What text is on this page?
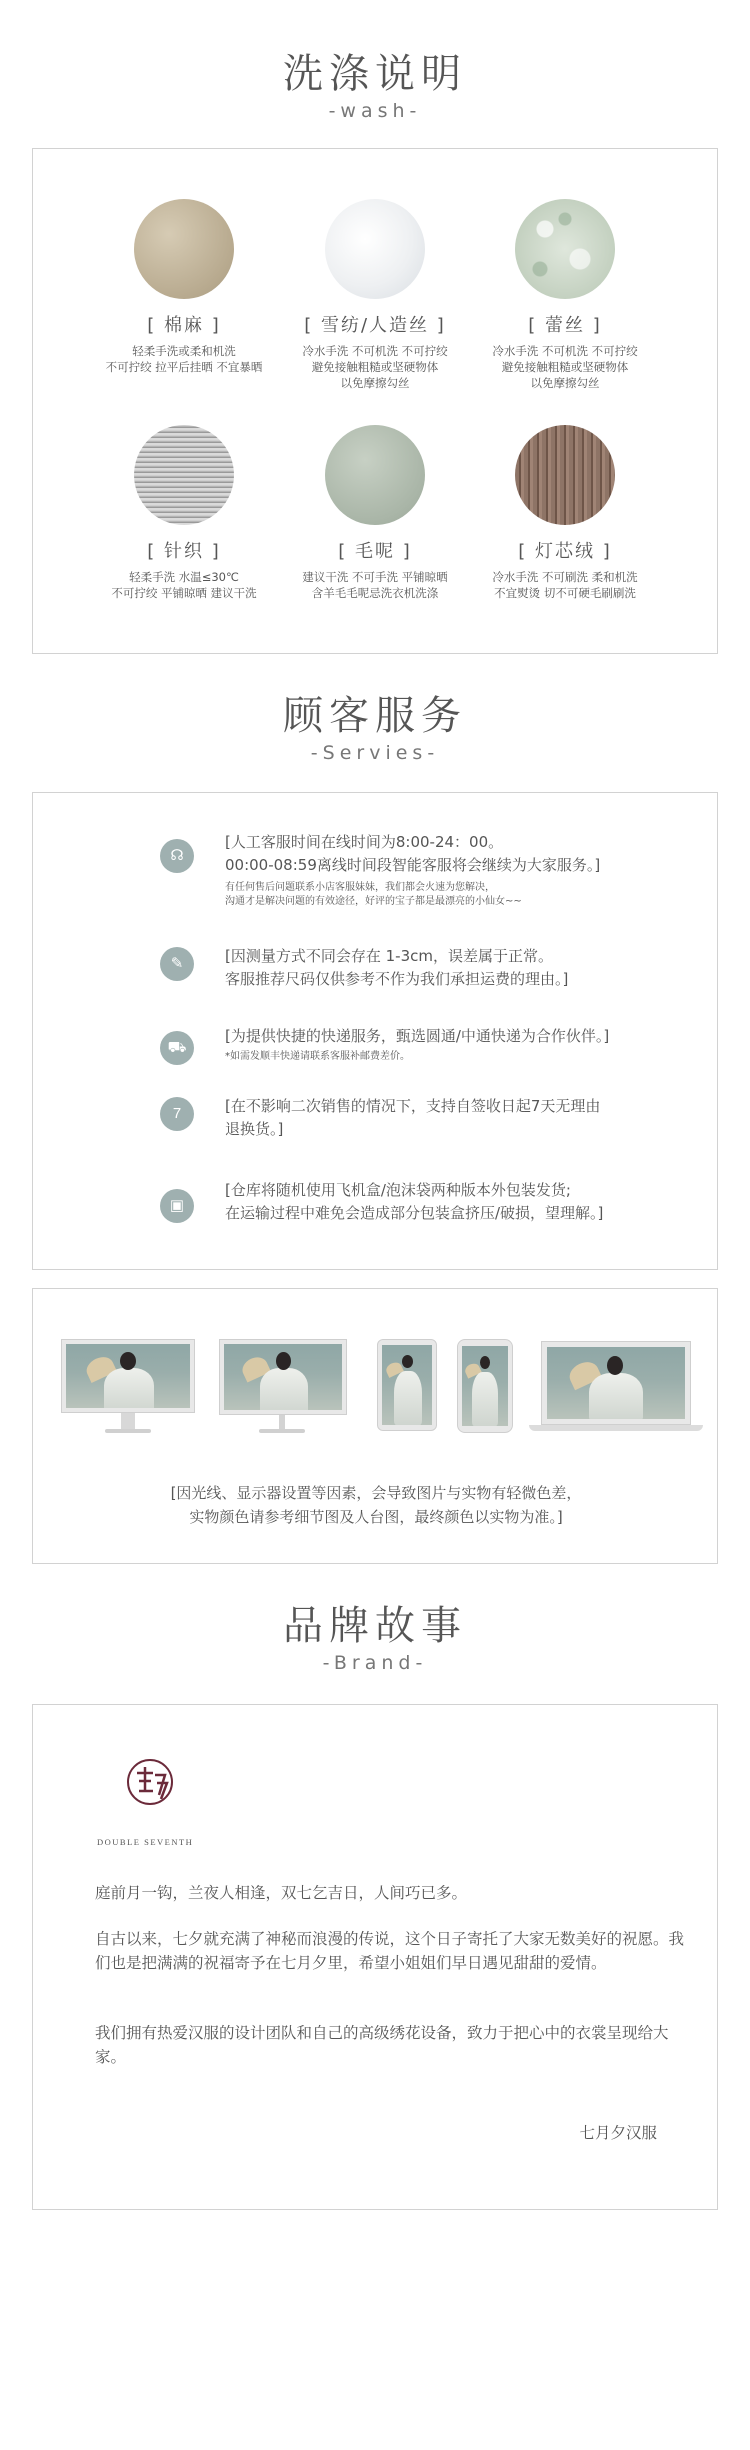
洗涤说明
-wash-
[ 棉麻 ]
轻柔手洗或柔和机洗
不可拧绞 拉平后挂晒 不宜暴晒
[ 雪纺/人造丝 ]
冷水手洗 不可机洗 不可拧绞
避免接触粗糙或坚硬物体
以免摩擦勾丝
[ 蕾丝 ]
冷水手洗 不可机洗 不可拧绞
避免接触粗糙或坚硬物体
以免摩擦勾丝
[ 针织 ]
轻柔手洗 水温≤30℃
不可拧绞 平铺晾晒 建议干洗
[ 毛呢 ]
建议干洗 不可手洗 平铺晾晒
含羊毛毛呢忌洗衣机洗涤
[ 灯芯绒 ]
冷水手洗 不可刷洗 柔和机洗
不宜熨烫 切不可硬毛刷刷洗
顾客服务
-Servies-
☊
[人工客服时间在线时间为8:00-24：00。
00:00-08:59离线时间段智能客服将会继续为大家服务。]
有任何售后问题联系小店客服妹妹，我们都会火速为您解决，
沟通才是解决问题的有效途径，好评的宝子都是最漂亮的小仙女~~
✎	[因测量方式不同会存在 1-3cm，误差属于正常。
客服推荐尺码仅供参考不作为我们承担运费的理由。]
⛟
[为提供快捷的快递服务，甄选圆通/中通快递为合作伙伴。]
*如需发顺丰快递请联系客服补邮费差价。
7	[在不影响二次销售的情况下，支持自签收日起7天无理由
退换货。]
▣
[仓库将随机使用飞机盒/泡沫袋两种版本外包装发货;
在运输过程中难免会造成部分包装盒挤压/破损，望理解。]
[因光线、显示器设置等因素，会导致图片与实物有轻微色差，
实物颜色请参考细节图及人台图，最终颜色以实物为准。]
品牌故事
-Brand-
DOUBLE SEVENTH
庭前月一钩，兰夜人相逢，双七乞吉日，人间巧已多。
自古以来，七夕就充满了神秘而浪漫的传说，这个日子寄托了大家无数美好的祝愿。我们也是把满满的祝福寄予在七月夕里，希望小姐姐们早日遇见甜甜的爱情。
我们拥有热爱汉服的设计团队和自己的高级绣花设备，致力于把心中的衣裳呈现给大家。
七月夕汉服
